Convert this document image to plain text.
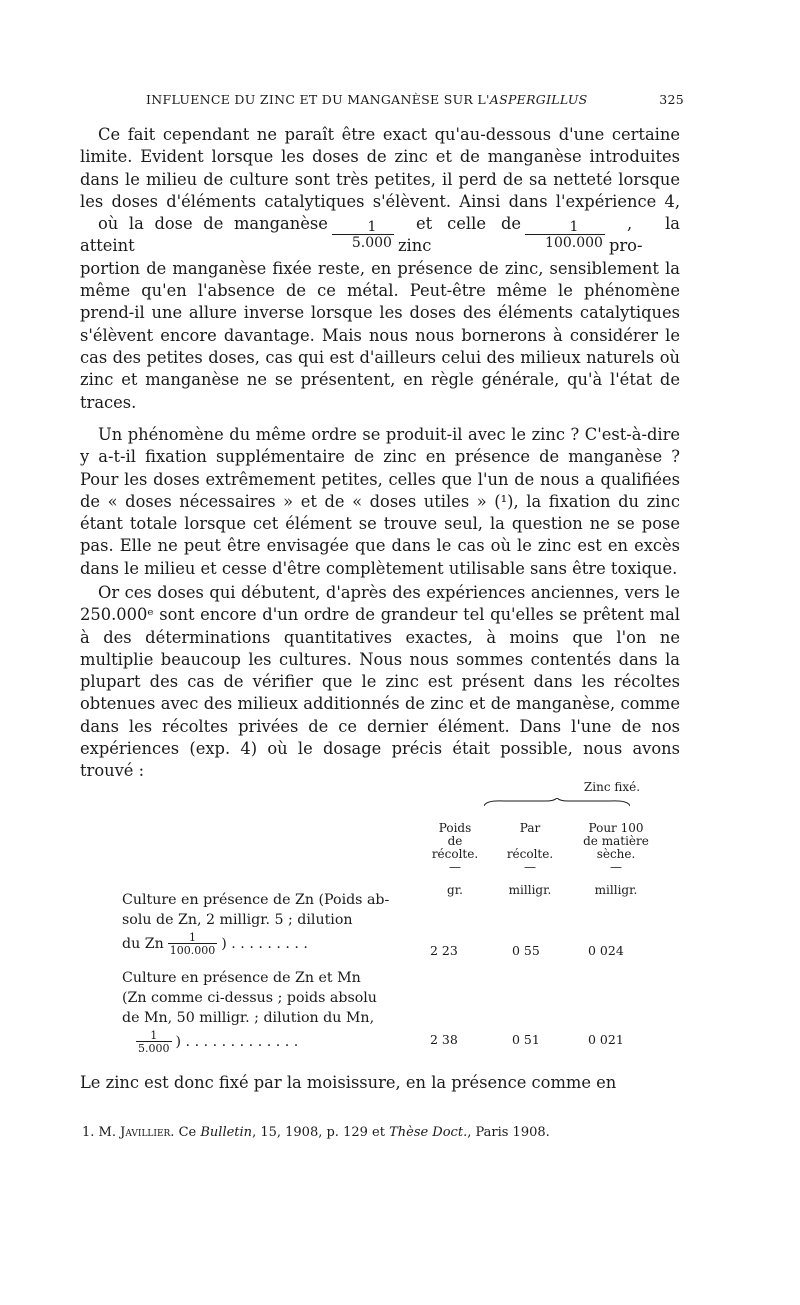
INFLUENCE DU ZINC ET DU MANGANÈSE SUR L'ASPERGILLUS	325

Ce fait cependant ne paraît être exact qu'au-dessous d'une certaine limite. Evident lorsque les doses de zinc et de manganèse introduites dans le milieu de culture sont très petites, il perd de sa netteté lorsque les doses d'éléments catalytiques s'élèvent. Ainsi dans l'expérience 4,
où la dose de manganèse atteint	$\frac{1}{5.000}$	et celle de zinc	$\frac{1}{100.000}$	, la pro-
portion de manganèse fixée reste, en présence de zinc, sensiblement la même qu'en l'absence de ce métal. Peut-être même le phénomène prend-il une allure inverse lorsque les doses des éléments catalytiques s'élèvent encore davantage. Mais nous nous bornerons à considérer le cas des petites doses, cas qui est d'ailleurs celui des milieux naturels où zinc et manganèse ne se présentent, en règle générale, qu'à l'état de traces.

Un phénomène du même ordre se produit-il avec le zinc ? C'est-à-dire y a-t-il fixation supplémentaire de zinc en présence de manganèse ? Pour les doses extrêmement petites, celles que l'un de nous a qualifiées de « doses nécessaires » et de « doses utiles » (¹), la fixation du zinc étant totale lorsque cet élément se trouve seul, la question ne se pose pas. Elle ne peut être envisagée que dans le cas où le zinc est en excès dans le milieu et cesse d'être complètement utilisable sans être toxique.

Or ces doses qui débutent, d'après des expériences anciennes, vers le 250.000ᵉ sont encore d'un ordre de grandeur tel qu'elles se prêtent mal à des déterminations quantitatives exactes, à moins que l'on ne multiplie beaucoup les cultures. Nous nous sommes contentés dans la plupart des cas de vérifier que le zinc est présent dans les récoltes obtenues avec des milieux additionnés de zinc et de manganèse, comme dans les récoltes privées de ce dernier élément. Dans l'une de nos expériences (exp. 4) où le dosage précis était possible, nous avons trouvé :

Zinc fixé.
Poids
de
récolte.
—
gr.
Par
récolte.
—
milligr.
Pour 100
de matière
sèche.
—
milligr.
Culture en présence de Zn (Poids ab-
solu de Zn, 2 milligr. 5 ; dilution
du Zn $\frac{1}{100.000}$ ) . . . . . . . . .	2 23	0 55	0 024
Culture en présence de Zn et Mn
(Zn comme ci-dessus ; poids absolu
de Mn, 50 milligr. ; dilution du Mn,
$\frac{1}{5.000}$ ) . . . . . . . . . . . . .	2 38	0 51	0 021

Le zinc est donc fixé par la moisissure, en la présence comme en

1. M. Javillier. Ce Bulletin, 15, 1908, p. 129 et Thèse Doct., Paris 1908.
